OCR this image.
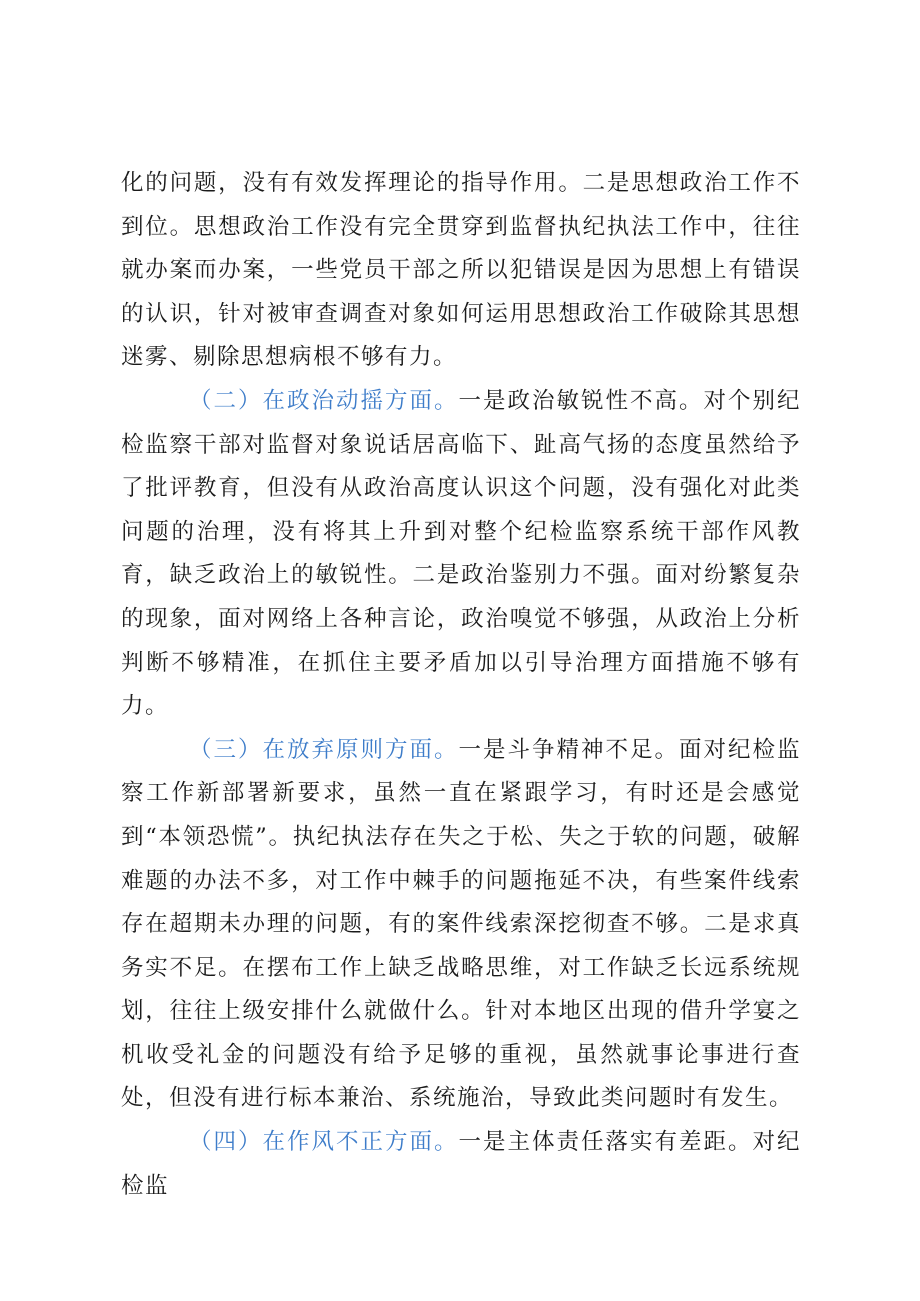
化的问题，没有有效发挥理论的指导作用。二是思想政治工作不到位。思想政治工作没有完全贯穿到监督执纪执法工作中，往往就办案而办案，一些党员干部之所以犯错误是因为思想上有错误的认识，针对被审查调查对象如何运用思想政治工作破除其思想迷雾、剔除思想病根不够有力。

（二）在政治动摇方面。一是政治敏锐性不高。对个别纪检监察干部对监督对象说话居高临下、趾高气扬的态度虽然给予了批评教育，但没有从政治高度认识这个问题，没有强化对此类问题的治理，没有将其上升到对整个纪检监察系统干部作风教育，缺乏政治上的敏锐性。二是政治鉴别力不强。面对纷繁复杂的现象，面对网络上各种言论，政治嗅觉不够强，从政治上分析判断不够精准，在抓住主要矛盾加以引导治理方面措施不够有力。

（三）在放弃原则方面。一是斗争精神不足。面对纪检监察工作新部署新要求，虽然一直在紧跟学习，有时还是会感觉到“本领恐慌”。执纪执法存在失之于松、失之于软的问题，破解难题的办法不多，对工作中棘手的问题拖延不决，有些案件线索存在超期未办理的问题，有的案件线索深挖彻查不够。二是求真务实不足。在摆布工作上缺乏战略思维，对工作缺乏长远系统规划，往往上级安排什么就做什么。针对本地区出现的借升学宴之机收受礼金的问题没有给予足够的重视，虽然就事论事进行查处，但没有进行标本兼治、系统施治，导致此类问题时有发生。

（四）在作风不正方面。一是主体责任落实有差距。对纪检监
